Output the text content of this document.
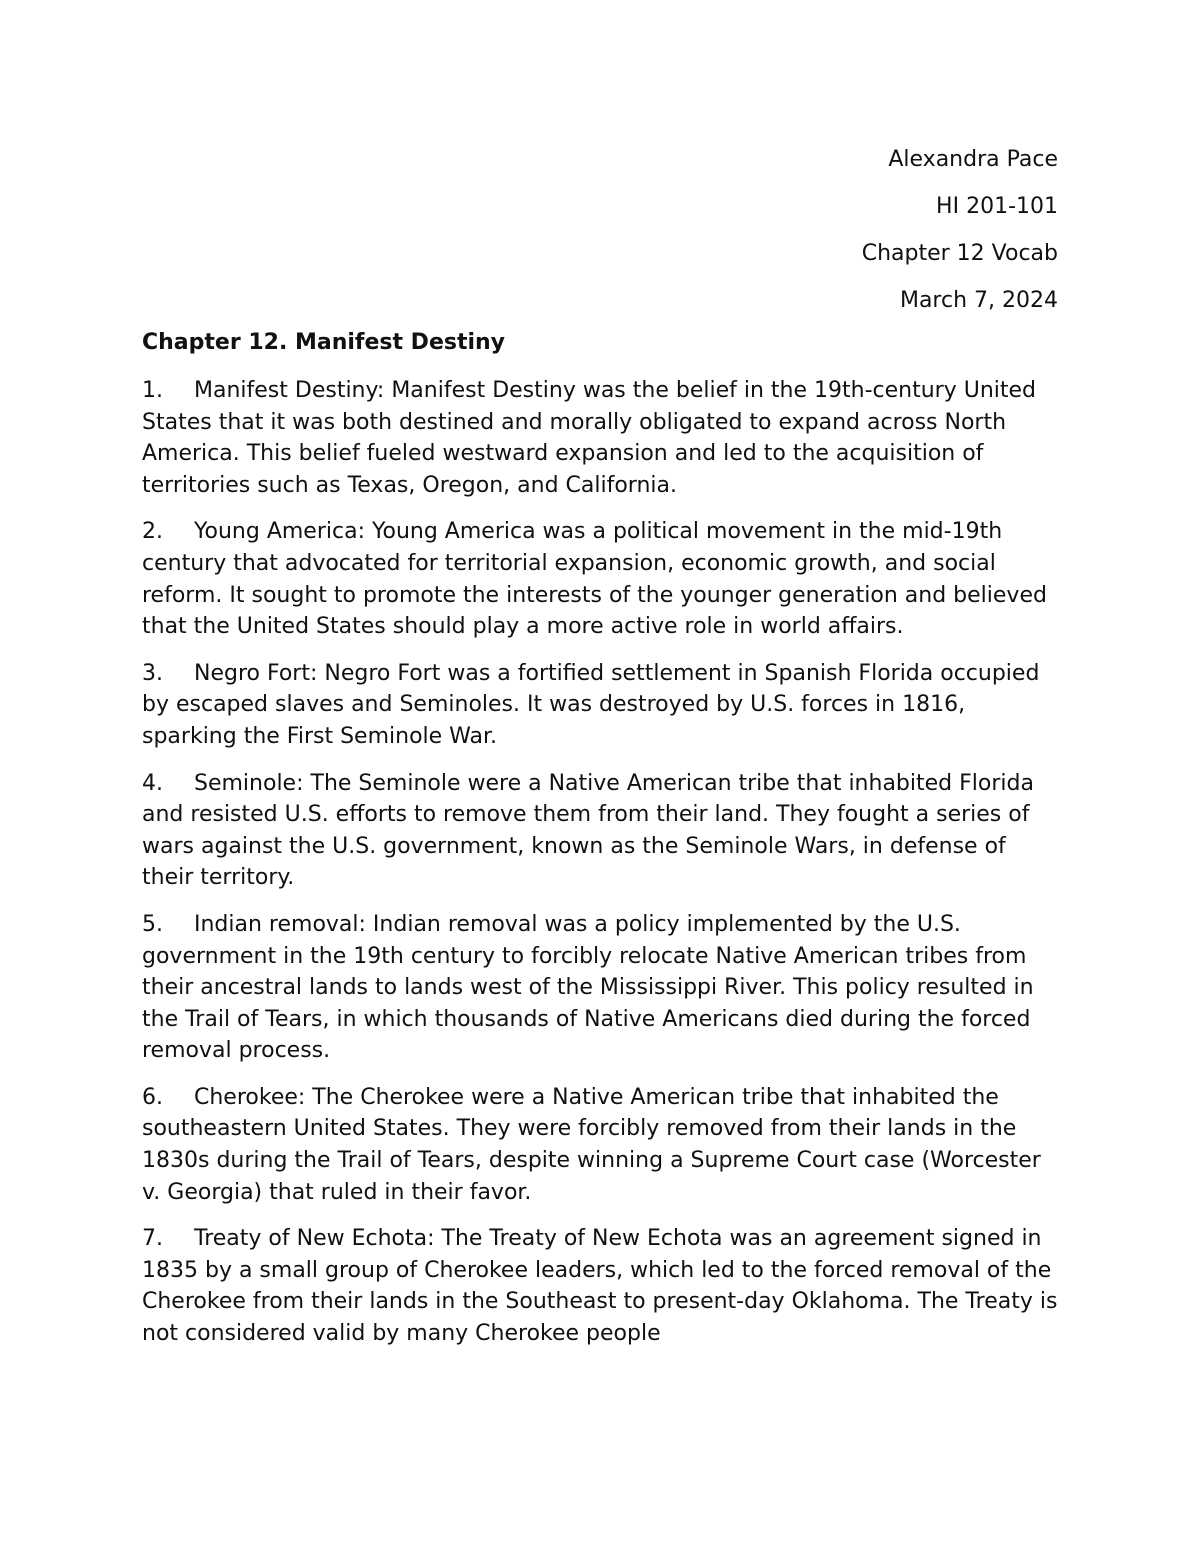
Alexandra Pace
HI 201-101
Chapter 12 Vocab
March 7, 2024
Chapter 12. Manifest Destiny
1. Manifest Destiny: Manifest Destiny was the belief in the 19th-century United States that it was both destined and morally obligated to expand across North America. This belief fueled westward expansion and led to the acquisition of territories such as Texas, Oregon, and California.
2. Young America: Young America was a political movement in the mid-19th century that advocated for territorial expansion, economic growth, and social reform. It sought to promote the interests of the younger generation and believed that the United States should play a more active role in world affairs.
3. Negro Fort: Negro Fort was a fortified settlement in Spanish Florida occupied by escaped slaves and Seminoles. It was destroyed by U.S. forces in 1816, sparking the First Seminole War.
4. Seminole: The Seminole were a Native American tribe that inhabited Florida and resisted U.S. efforts to remove them from their land. They fought a series of wars against the U.S. government, known as the Seminole Wars, in defense of their territory.
5. Indian removal: Indian removal was a policy implemented by the U.S. government in the 19th century to forcibly relocate Native American tribes from their ancestral lands to lands west of the Mississippi River. This policy resulted in the Trail of Tears, in which thousands of Native Americans died during the forced removal process.
6. Cherokee: The Cherokee were a Native American tribe that inhabited the southeastern United States. They were forcibly removed from their lands in the 1830s during the Trail of Tears, despite winning a Supreme Court case (Worcester v. Georgia) that ruled in their favor.
7. Treaty of New Echota: The Treaty of New Echota was an agreement signed in 1835 by a small group of Cherokee leaders, which led to the forced removal of the Cherokee from their lands in the Southeast to present-day Oklahoma. The Treaty is not considered valid by many Cherokee people
